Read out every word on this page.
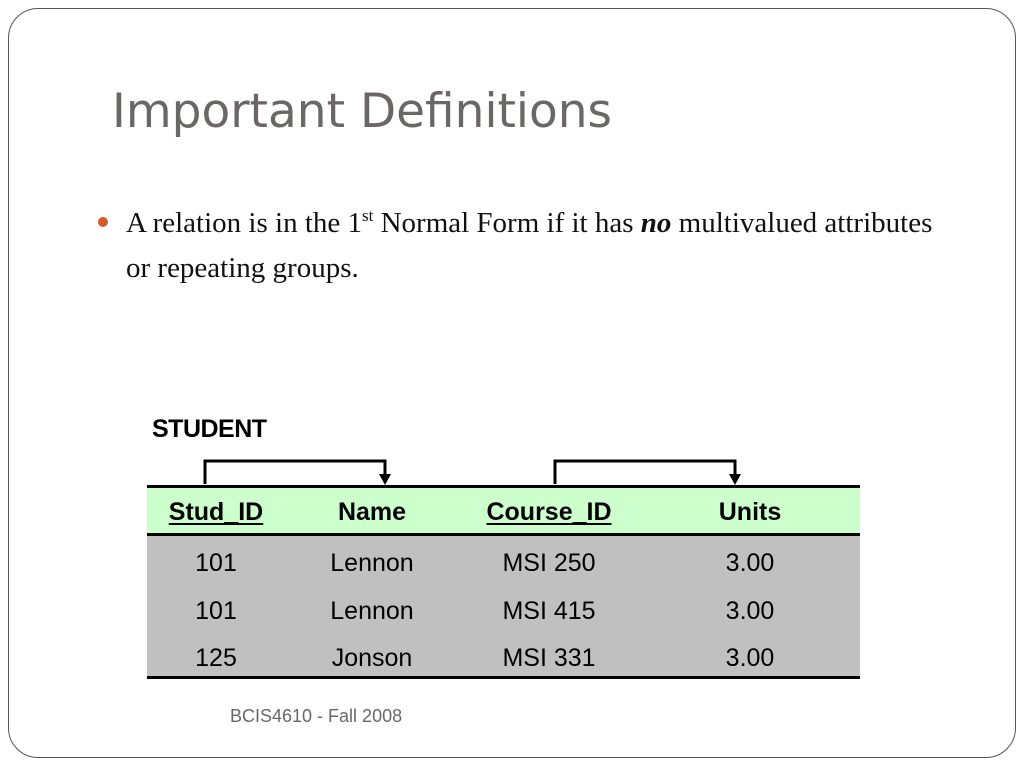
Important Definitions
A relation is in the 1st Normal Form if it has no multivalued attributes or repeating groups.
STUDENT
Stud_ID	Name	Course_ID	Units
101	Lennon	MSI 250	3.00
101	Lennon	MSI 415	3.00
125	Jonson	MSI 331	3.00
BCIS4610 - Fall 2008
